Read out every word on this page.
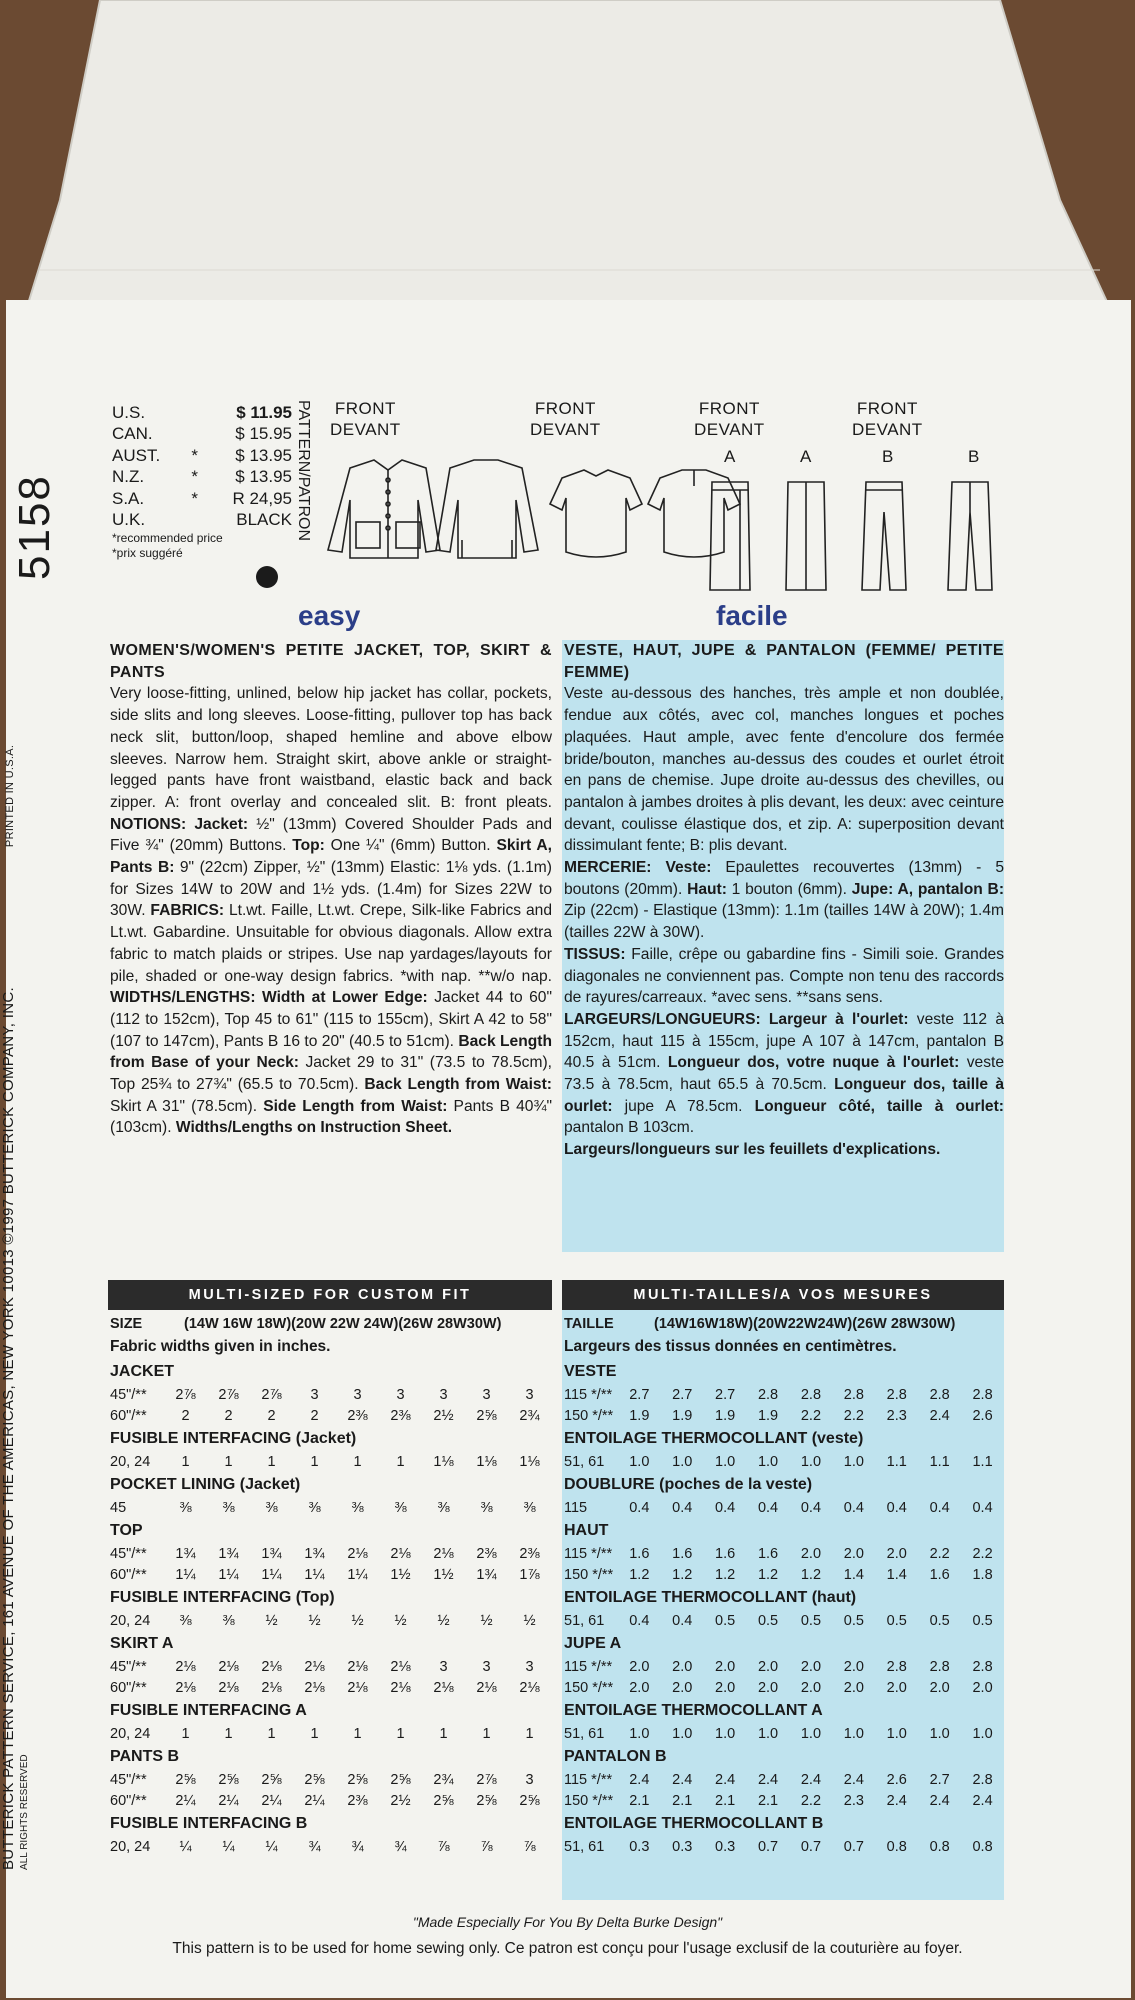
BUTTERICK PATTERN SERVICE, 161 AVENUE OF THE AMERICAS, NEW YORK 10013 ©1997 BUTTERICK COMPANY, INC.PRINTED IN U.S.A.
ALL RIGHTS RESERVED
5158
U.S.	$ 11.95
CAN.	$ 15.95
AUST.	*	$ 13.95
N.Z.	*	$ 13.95
S.A.	*	R 24,95
U.K.	BLACK
*recommended price
*prix suggéré
PATTERN/PATRON FRONT
DEVANT
FRONT
DEVANT
FRONT
DEVANT
FRONT
DEVANT
A	A	B	B
easy	facile
WOMEN'S/WOMEN'S PETITE JACKET, TOP, SKIRT & PANTS
Very loose-fitting, unlined, below hip jacket has collar, pockets, side slits and long sleeves. Loose-fitting, pullover top has back neck slit, button/loop, shaped hemline and above elbow sleeves. Narrow hem. Straight skirt, above ankle or straight-legged pants have front waistband, elastic back and back zipper. A: front overlay and concealed slit. B: front pleats. NOTIONS: Jacket: ½" (13mm) Covered Shoulder Pads and Five ¾" (20mm) Buttons. Top: One ¼" (6mm) Button. Skirt A, Pants B: 9" (22cm) Zipper, ½" (13mm) Elastic: 1⅛ yds. (1.1m) for Sizes 14W to 20W and 1½ yds. (1.4m) for Sizes 22W to 30W. FABRICS: Lt.wt. Faille, Lt.wt. Crepe, Silk-like Fabrics and Lt.wt. Gabardine. Unsuitable for obvious diagonals. Allow extra fabric to match plaids or stripes. Use nap yardages/layouts for pile, shaded or one-way design fabrics. *with nap. **w/o nap. WIDTHS/LENGTHS: Width at Lower Edge: Jacket 44 to 60" (112 to 152cm), Top 45 to 61" (115 to 155cm), Skirt A 42 to 58" (107 to 147cm), Pants B 16 to 20" (40.5 to 51cm). Back Length from Base of your Neck: Jacket 29 to 31" (73.5 to 78.5cm), Top 25¾ to 27¾" (65.5 to 70.5cm). Back Length from Waist: Skirt A 31" (78.5cm). Side Length from Waist: Pants B 40¾" (103cm). Widths/Lengths on Instruction Sheet.
VESTE, HAUT, JUPE & PANTALON (FEMME/ PETITE FEMME)
Veste au-dessous des hanches, très ample et non doublée, fendue aux côtés, avec col, manches longues et poches plaquées. Haut ample, avec fente d'encolure dos fermée bride/bouton, manches au-dessus des coudes et ourlet étroit en pans de chemise. Jupe droite au-dessus des chevilles, ou pantalon à jambes droites à plis devant, les deux: avec ceinture devant, coulisse élastique dos, et zip. A: superposition devant dissimulant fente; B: plis devant.
MERCERIE: Veste: Epaulettes recouvertes (13mm) - 5 boutons (20mm). Haut: 1 bouton (6mm). Jupe: A, pantalon B: Zip (22cm) - Elastique (13mm): 1.1m (tailles 14W à 20W); 1.4m (tailles 22W à 30W).
TISSUS: Faille, crêpe ou gabardine fins - Simili soie. Grandes diagonales ne conviennent pas. Compte non tenu des raccords de rayures/carreaux. *avec sens. **sans sens.
LARGEURS/LONGUEURS: Largeur à l'ourlet: veste 112 à 152cm, haut 115 à 155cm, jupe A 107 à 147cm, pantalon B 40.5 à 51cm. Longueur dos, votre nuque à l'ourlet: veste 73.5 à 78.5cm, haut 65.5 à 70.5cm. Longueur dos, taille à ourlet: jupe A 78.5cm. Longueur côté, taille à ourlet: pantalon B 103cm.
Largeurs/longueurs sur les feuillets d'explications.
MULTI-SIZED FOR CUSTOM FIT	MULTI-TAILLES/A VOS MESURES
SIZE	(14W 16W 18W)(20W 22W 24W)(26W 28W30W)
Fabric widths given in inches.
JACKET
45"/**	2⅞	2⅞	2⅞	3	3	3	3	3	3
60"/**	2	2	2	2	2⅜	2⅜	2½	2⅝	2¾
FUSIBLE INTERFACING (Jacket)
20, 24	1	1	1	1	1	1	1⅛	1⅛	1⅛
POCKET LINING (Jacket)
45	⅜	⅜	⅜	⅜	⅜	⅜	⅜	⅜	⅜
TOP
45"/**	1¾	1¾	1¾	1¾	2⅛	2⅛	2⅛	2⅜	2⅜
60"/**	1¼	1¼	1¼	1¼	1¼	1½	1½	1¾	1⅞
FUSIBLE INTERFACING (Top)
20, 24	⅜	⅜	½	½	½	½	½	½	½
SKIRT A
45"/**	2⅛	2⅛	2⅛	2⅛	2⅛	2⅛	3	3	3
60"/**	2⅛	2⅛	2⅛	2⅛	2⅛	2⅛	2⅛	2⅛	2⅛
FUSIBLE INTERFACING A
20, 24	1	1	1	1	1	1	1	1	1
PANTS B
45"/**	2⅝	2⅝	2⅝	2⅝	2⅝	2⅝	2¾	2⅞	3
60"/**	2¼	2¼	2¼	2¼	2⅜	2½	2⅝	2⅝	2⅝
FUSIBLE INTERFACING B
20, 24	¼	¼	¼	¾	¾	¾	⅞	⅞	⅞
TAILLE	(14W16W18W)(20W22W24W)(26W 28W30W)
Largeurs des tissus données en centimètres.
VESTE
115 */**	2.7	2.7	2.7	2.8	2.8	2.8	2.8	2.8	2.8
150 */**	1.9	1.9	1.9	1.9	2.2	2.2	2.3	2.4	2.6
ENTOILAGE THERMOCOLLANT (veste)
51, 61	1.0	1.0	1.0	1.0	1.0	1.0	1.1	1.1	1.1
DOUBLURE (poches de la veste)
115	0.4	0.4	0.4	0.4	0.4	0.4	0.4	0.4	0.4
HAUT
115 */**	1.6	1.6	1.6	1.6	2.0	2.0	2.0	2.2	2.2
150 */**	1.2	1.2	1.2	1.2	1.2	1.4	1.4	1.6	1.8
ENTOILAGE THERMOCOLLANT (haut)
51, 61	0.4	0.4	0.5	0.5	0.5	0.5	0.5	0.5	0.5
JUPE A
115 */**	2.0	2.0	2.0	2.0	2.0	2.0	2.8	2.8	2.8
150 */**	2.0	2.0	2.0	2.0	2.0	2.0	2.0	2.0	2.0
ENTOILAGE THERMOCOLLANT A
51, 61	1.0	1.0	1.0	1.0	1.0	1.0	1.0	1.0	1.0
PANTALON B
115 */**	2.4	2.4	2.4	2.4	2.4	2.4	2.6	2.7	2.8
150 */**	2.1	2.1	2.1	2.1	2.2	2.3	2.4	2.4	2.4
ENTOILAGE THERMOCOLLANT B
51, 61	0.3	0.3	0.3	0.7	0.7	0.7	0.8	0.8	0.8
"Made Especially For You By Delta Burke Design"
This pattern is to be used for home sewing only. Ce patron est conçu pour l'usage exclusif de la couturière au foyer.
